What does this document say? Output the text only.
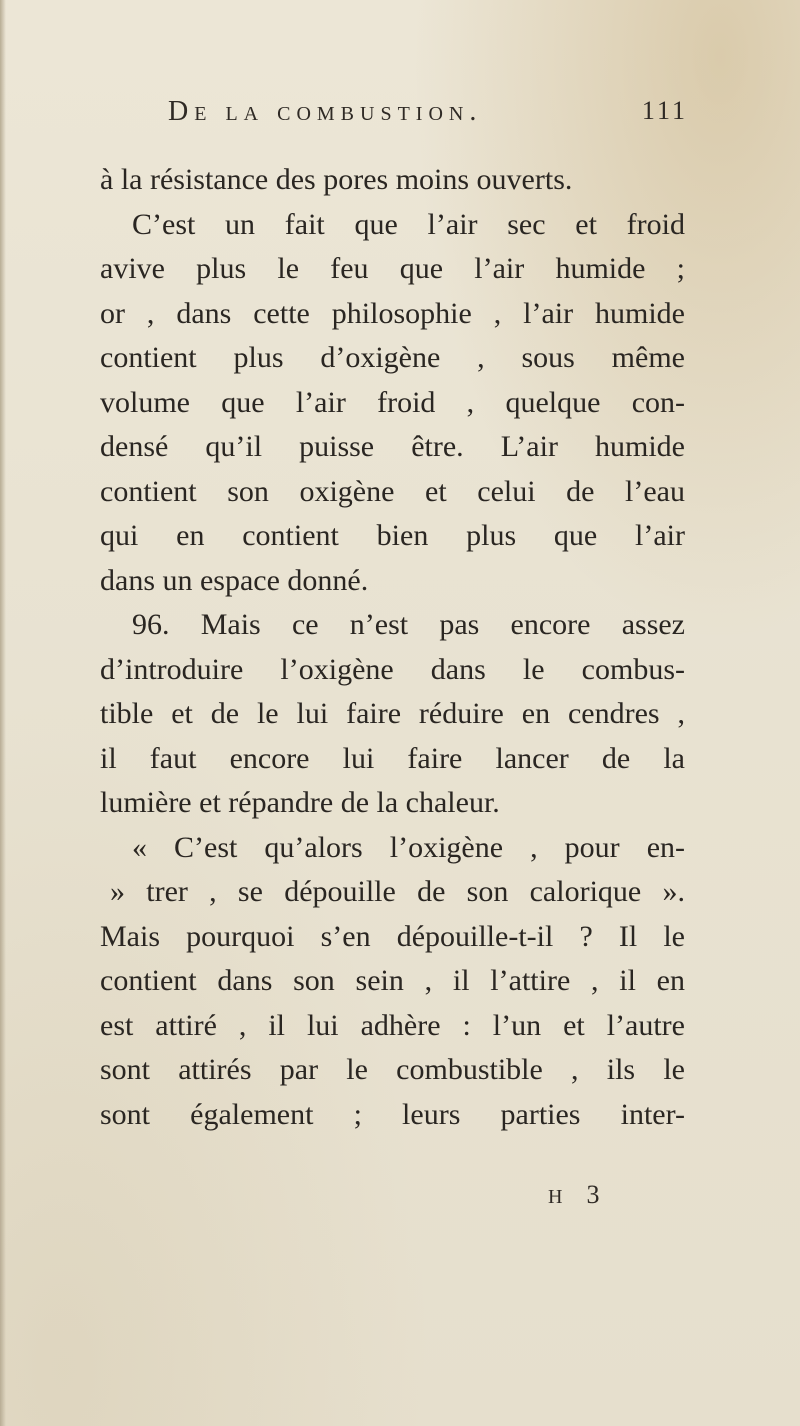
De la combustion.	111
à la résistance des pores moins ouverts.
C’est un fait que l’air sec et froid
avive plus le feu que l’air humide ;
or , dans cette philosophie , l’air humide
contient plus d’oxigène , sous même
volume que l’air froid , quelque con-
densé qu’il puisse être. L’air humide
contient son oxigène et celui de l’eau
qui en contient bien plus que l’air
dans un espace donné.
96. Mais ce n’est pas encore assez
d’introduire l’oxigène dans le combus-
tible et de le lui faire réduire en cendres ,
il faut encore lui faire lancer de la
lumière et répandre de la chaleur.
« C’est qu’alors l’oxigène , pour en-
» trer , se dépouille de son calorique ».
Mais pourquoi s’en dépouille-t-il ? Il le
contient dans son sein , il l’attire , il en
est attiré , il lui adhère : l’un et l’autre
sont attirés par le combustible , ils le
sont également ; leurs parties inter-
H 3
